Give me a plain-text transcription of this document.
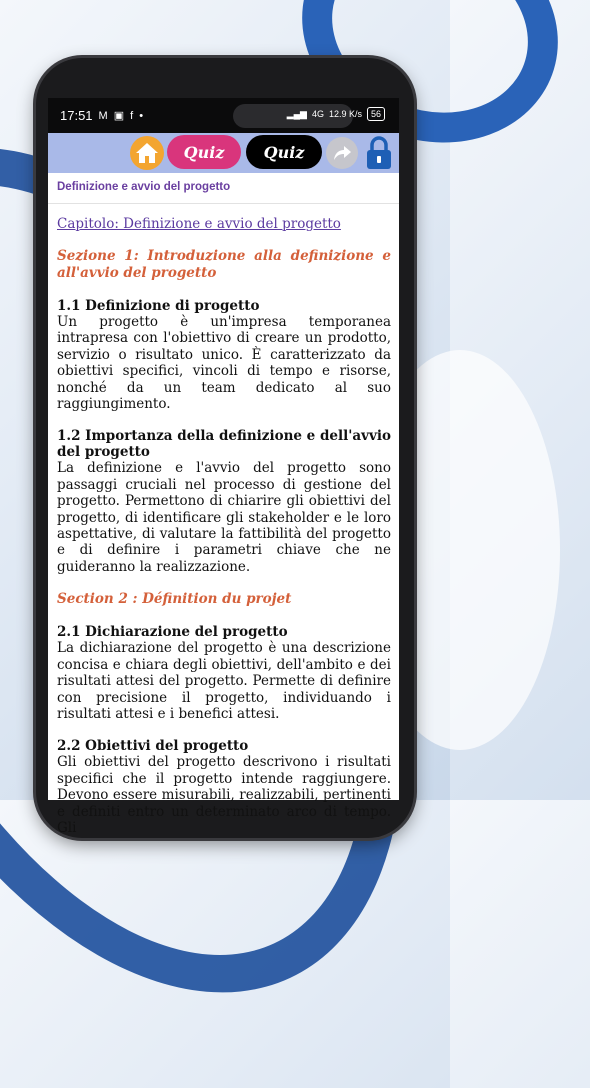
17:51 M ▣ f •	▂▄▆ 4G 12.9 K/s	56
Quiz Quiz
Definizione e avvio del progetto
Capitolo: Definizione e avvio del progetto
Sezione 1: Introduzione alla definizione e all'avvio del progetto
1.1 Definizione di progetto
Un progetto è un'impresa temporanea intrapresa con l'obiettivo di creare un prodotto, servizio o risultato unico. È caratterizzato da obiettivi specifici, vincoli di tempo e risorse, nonché da un team dedicato al suo raggiungimento.
1.2 Importanza della definizione e dell'avvio del progetto
La definizione e l'avvio del progetto sono passaggi cruciali nel processo di gestione del progetto. Permettono di chiarire gli obiettivi del progetto, di identificare gli stakeholder e le loro aspettative, di valutare la fattibilità del progetto e di definire i parametri chiave che ne guideranno la realizzazione.
Section 2 : Définition du projet
2.1 Dichiarazione del progetto
La dichiarazione del progetto è una descrizione concisa e chiara degli obiettivi, dell'ambito e dei risultati attesi del progetto. Permette di definire con precisione il progetto, individuando i risultati attesi e i benefici attesi.
2.2 Obiettivi del progetto
Gli obiettivi del progetto descrivono i risultati specifici che il progetto intende raggiungere. Devono essere misurabili, realizzabili, pertinenti e definiti entro un determinato arco di tempo. Gli
